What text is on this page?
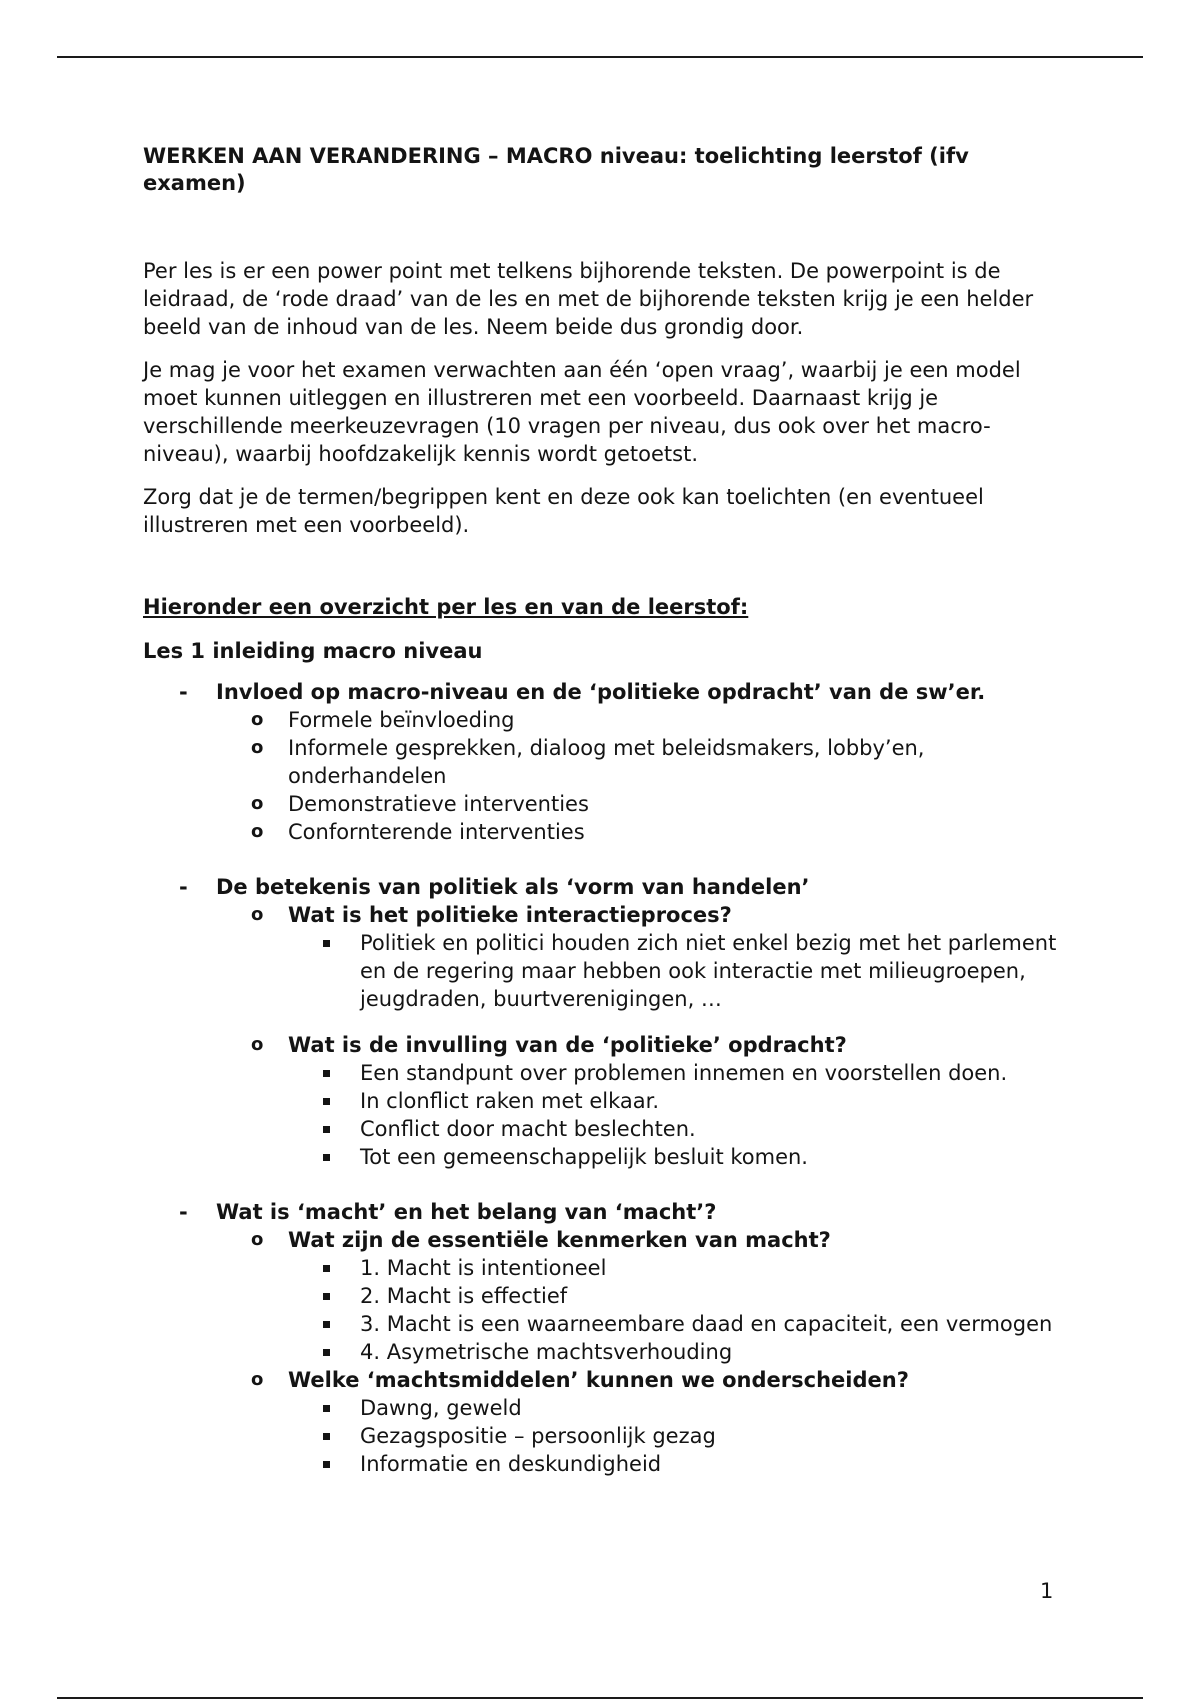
WERKEN AAN VERANDERING – MACRO niveau: toelichting leerstof (ifv examen)

Per les is er een power point met telkens bijhorende teksten. De powerpoint is de leidraad, de ‘rode draad’ van de les en met de bijhorende teksten krijg je een helder beeld van de inhoud van de les. Neem beide dus grondig door.

Je mag je voor het examen verwachten aan één ‘open vraag’, waarbij je een model moet kunnen uitleggen en illustreren met een voorbeeld. Daarnaast krijg je verschillende meerkeuzevragen (10 vragen per niveau, dus ook over het macro-niveau), waarbij hoofdzakelijk kennis wordt getoetst.

Zorg dat je de termen/begrippen kent en deze ook kan toelichten (en eventueel illustreren met een voorbeeld).

Hieronder een overzicht per les en van de leerstof:
Les 1 inleiding macro niveau
- Invloed op macro-niveau en de ‘politieke opdracht’ van de sw’er.
o Formele beïnvloeding
o Informele gesprekken, dialoog met beleidsmakers, lobby’en, onderhandelen
o Demonstratieve interventies
o Confornterende interventies
- De betekenis van politiek als ‘vorm van handelen’
o Wat is het politieke interactieproces?
Politiek en politici houden zich niet enkel bezig met het parlement en de regering maar hebben ook interactie met milieugroepen, jeugdraden, buurtverenigingen, …
o Wat is de invulling van de ‘politieke’ opdracht?
Een standpunt over problemen innemen en voorstellen doen.
In clonflict raken met elkaar.
Conflict door macht beslechten.
Tot een gemeenschappelijk besluit komen.
- Wat is ‘macht’ en het belang van ‘macht’?
o Wat zijn de essentiële kenmerken van macht?
1. Macht is intentioneel
2. Macht is effectief
3. Macht is een waarneembare daad en capaciteit, een vermogen
4. Asymetrische machtsverhouding
o Welke ‘machtsmiddelen’ kunnen we onderscheiden?
Dawng, geweld
Gezagspositie – persoonlijk gezag
Informatie en deskundigheid
1
